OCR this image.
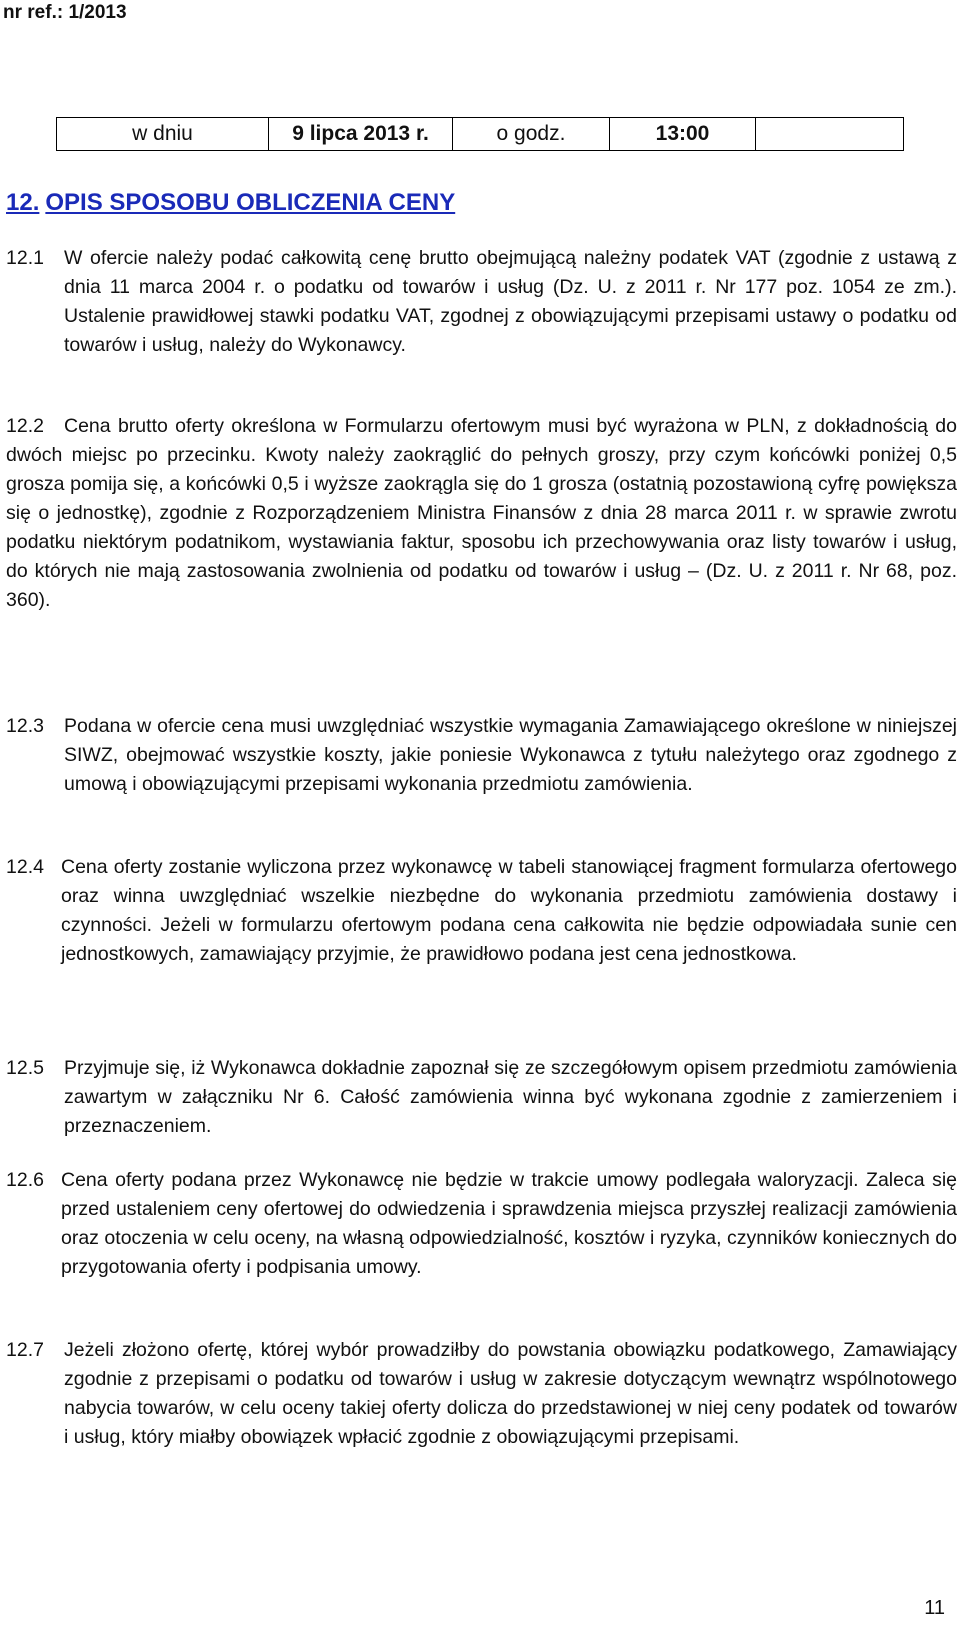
nr ref.: 1/2013
w dniu	9 lipca 2013 r.	o godz.	13:00	
12. OPIS SPOSOBU OBLICZENIA CENY
12.1	W ofercie należy podać całkowitą cenę brutto obejmującą należny podatek VAT (zgodnie z ustawą z dnia 11 marca 2004 r. o podatku od towarów i usług (Dz. U. z 2011 r. Nr 177 poz. 1054 ze zm.). Ustalenie prawidłowej stawki podatku VAT, zgodnej z obowiązującymi przepisami ustawy o podatku od towarów i usług, należy do Wykonawcy.
12.2	Cena brutto oferty określona w Formularzu ofertowym musi być wyrażona w PLN, z dokładnością do dwóch miejsc po przecinku. Kwoty należy zaokrąglić do pełnych groszy, przy czym końcówki poniżej 0,5 grosza pomija się, a końcówki 0,5 i wyższe zaokrągla się do 1 grosza (ostatnią pozostawioną cyfrę powiększa się o jednostkę), zgodnie z Rozporządzeniem Ministra Finansów z dnia 28 marca 2011 r. w sprawie zwrotu podatku niektórym podatnikom, wystawiania faktur, sposobu ich przechowywania oraz listy towarów i usług, do których nie mają zastosowania zwolnienia od podatku od towarów i usług – (Dz. U. z 2011 r. Nr 68, poz. 360).
12.3	Podana w ofercie cena musi uwzględniać wszystkie wymagania Zamawiającego określone w niniejszej SIWZ, obejmować wszystkie koszty, jakie poniesie Wykonawca z tytułu należytego oraz zgodnego z umową i obowiązującymi przepisami wykonania przedmiotu zamówienia.
12.4 Cena oferty zostanie wyliczona przez wykonawcę w tabeli stanowiącej fragment formularza ofertowego oraz winna uwzględniać wszelkie niezbędne do wykonania przedmiotu zamówienia dostawy i czynności. Jeżeli w formularzu ofertowym podana cena całkowita nie będzie odpowiadała sunie cen jednostkowych, zamawiający przyjmie, że prawidłowo podana jest cena jednostkowa.
12.5	Przyjmuje się, iż Wykonawca dokładnie zapoznał się ze szczegółowym opisem przedmiotu zamówienia zawartym w załączniku Nr 6. Całość zamówienia winna być wykonana zgodnie z zamierzeniem i przeznaczeniem.
12.6 Cena oferty podana przez Wykonawcę nie będzie w trakcie umowy podlegała waloryzacji. Zaleca się przed ustaleniem ceny ofertowej do odwiedzenia i sprawdzenia miejsca przyszłej realizacji zamówienia oraz otoczenia w celu oceny, na własną odpowiedzialność, kosztów i ryzyka, czynników koniecznych do przygotowania oferty i podpisania umowy.
12.7	Jeżeli złożono ofertę, której wybór prowadziłby do powstania obowiązku podatkowego, Zamawiający zgodnie z przepisami o podatku od towarów i usług w zakresie dotyczącym wewnątrz wspólnotowego nabycia towarów, w celu oceny takiej oferty dolicza do przedstawionej w niej ceny podatek od towarów i usług, który miałby obowiązek wpłacić zgodnie z obowiązującymi przepisami.
11
